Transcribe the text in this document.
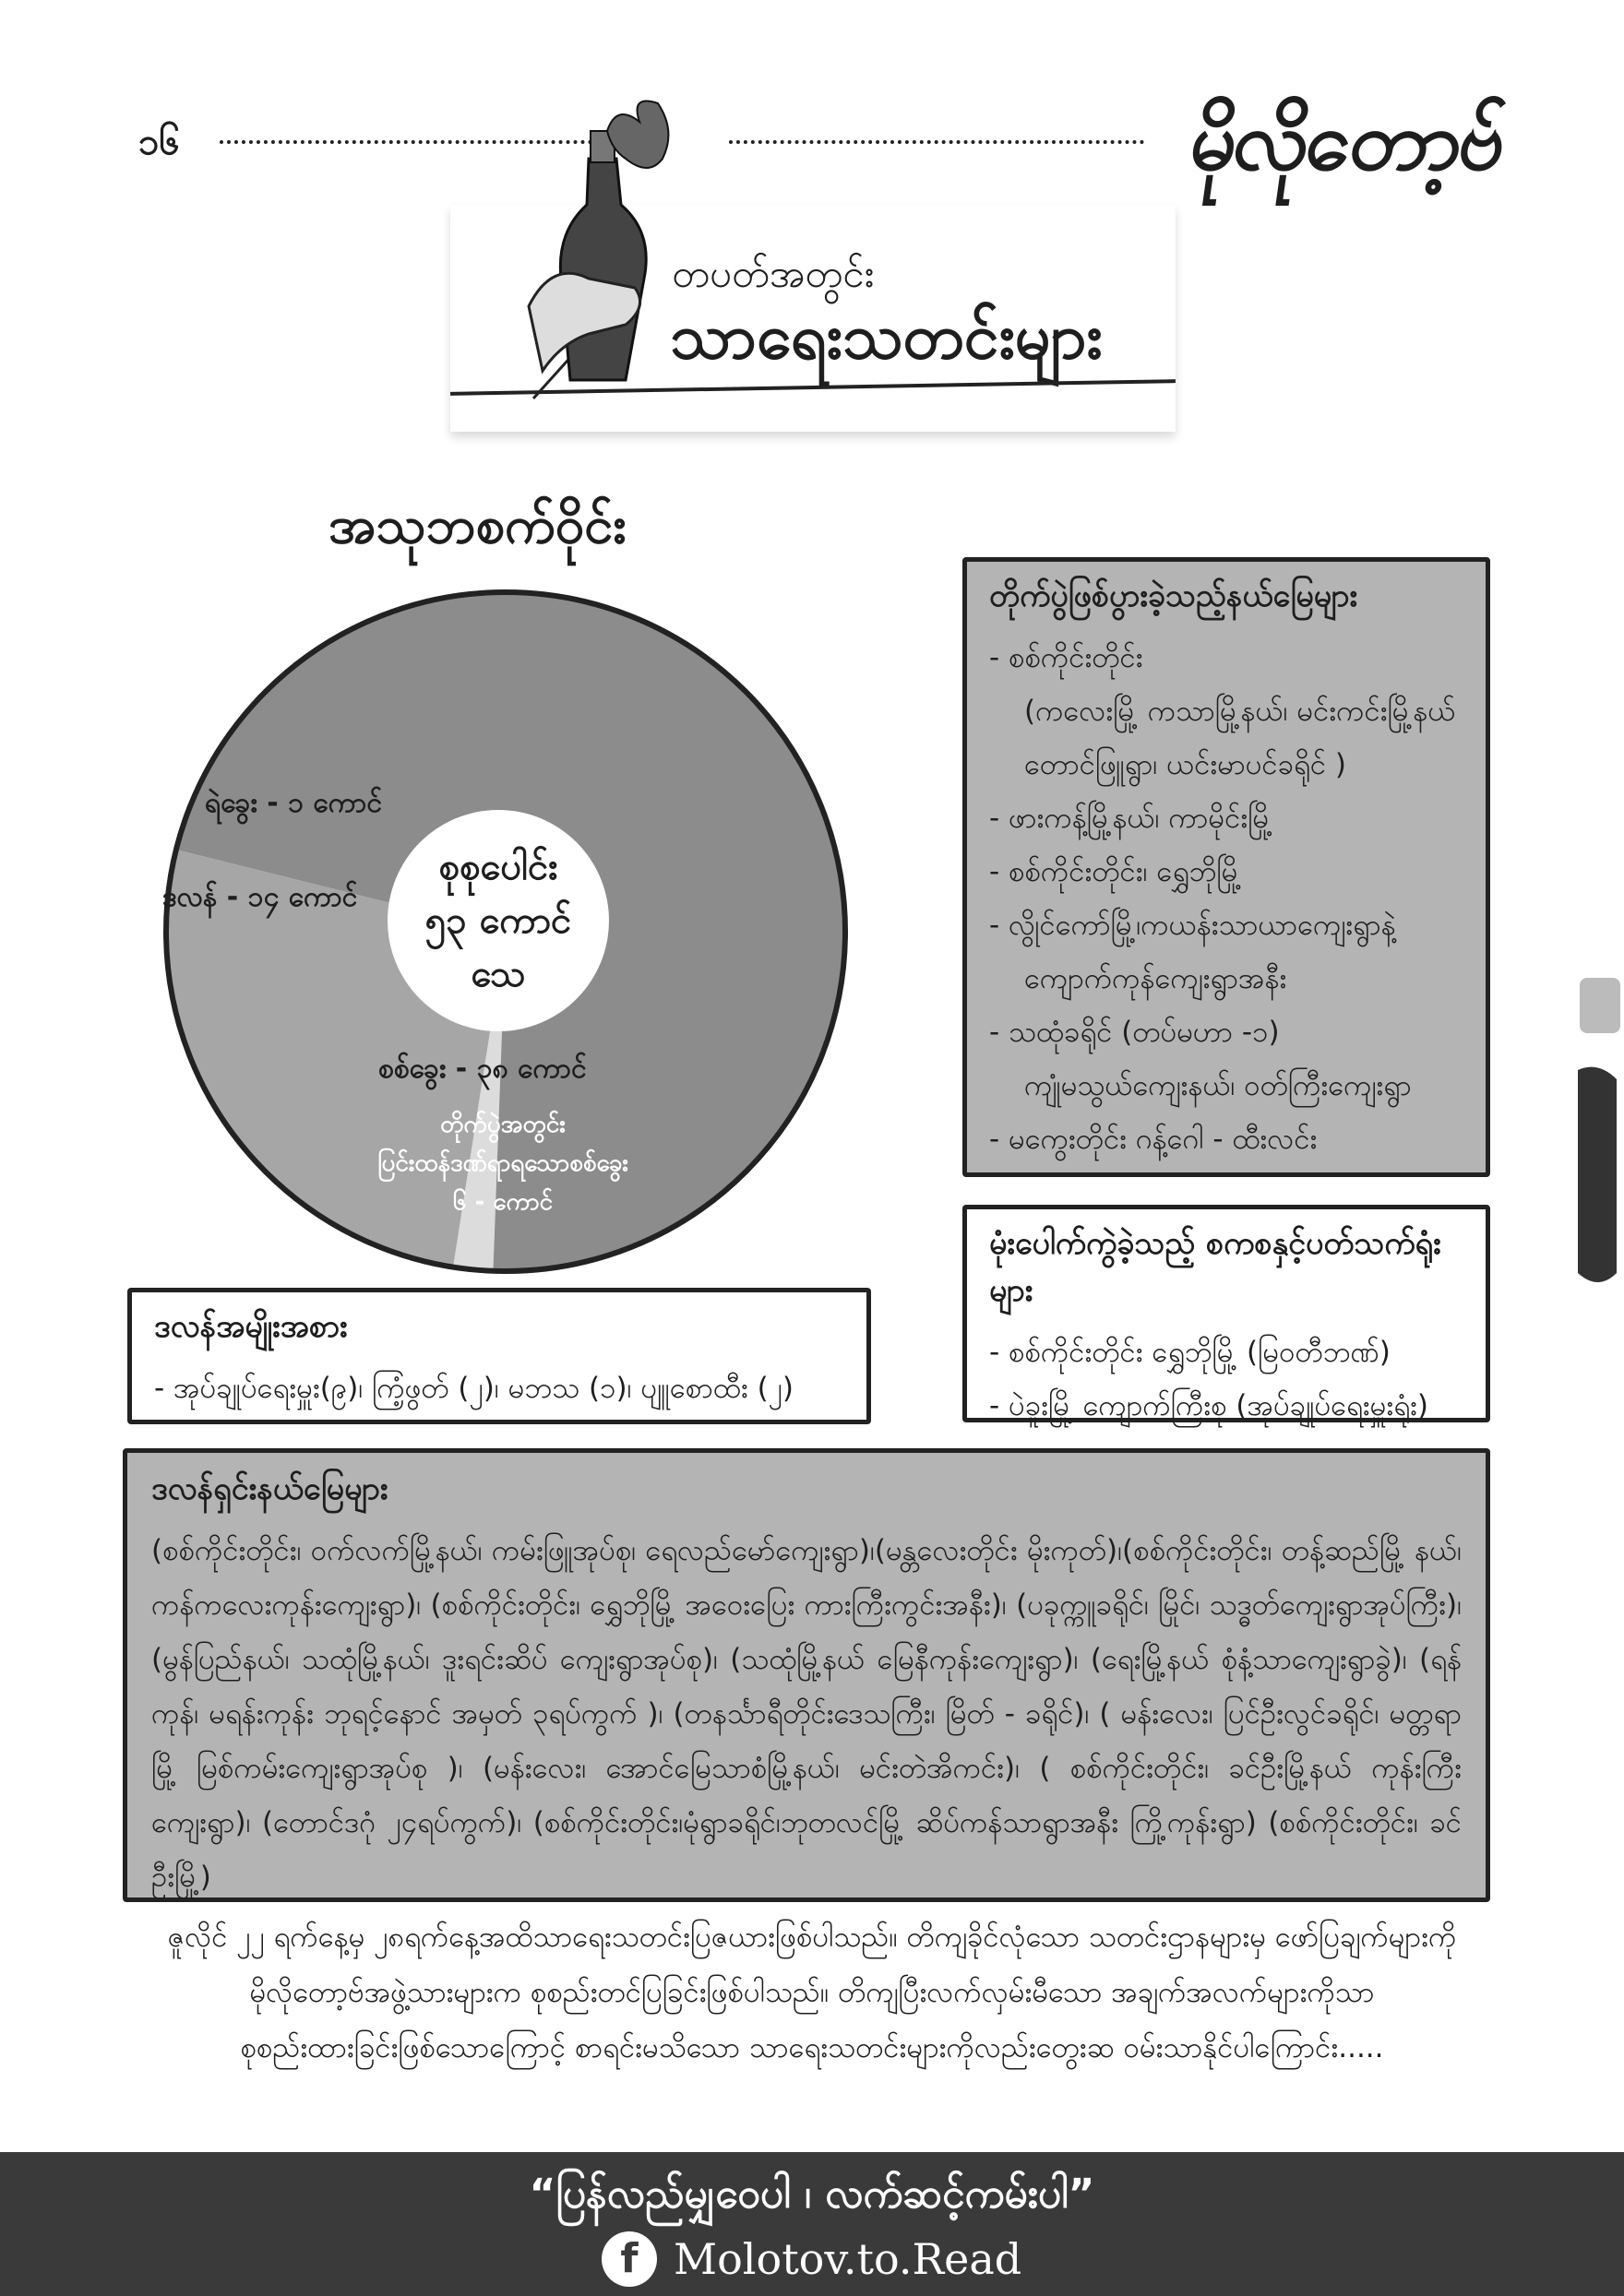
၁၆	မိုလိုတော့ဗ်
တပတ်အတွင်း
သာရေးသတင်းများ
အသုဘစက်ဝိုင်း
ရဲခွေး - ၁ ကောင်
ဒလန် - ၁၄ ကောင်
စစ်ခွေး - ၃၈ ကောင်
တိုက်ပွဲအတွင်း
ပြင်းထန်ဒဏ်ရာရသောစစ်ခွေး
၆ - ကောင်
စုစုပေါင်း
၅၃ ကောင်
သေ
တိုက်ပွဲဖြစ်ပွားခဲ့သည့်နယ်မြေများ
- စစ်ကိုင်းတိုင်း
(ကလေးမြို့ ကသာမြို့နယ်၊ မင်းကင်းမြို့နယ်
တောင်ဖြူရွာ၊ ယင်းမာပင်ခရိုင် )
- ဖားကန့်မြို့နယ်၊ ကာမိုင်းမြို့
- စစ်ကိုင်းတိုင်း၊ ရွှေဘိုမြို့
- လွိုင်ကော်မြို့၊ကယန်းသာယာကျေးရွာနဲ့
ကျောက်ကုန်ကျေးရွာအနီး
- သထုံခရိုင် (တပ်မဟာ -၁)
ကျုံမသွယ်ကျေးနယ်၊ ဝတ်ကြီးကျေးရွာ
- မကွေးတိုင်း ဂန့်ဂေါ - ထီးလင်း
မုံးပေါက်ကွဲခဲ့သည့် စကစနှင့်ပတ်သက်ရုံးများ
- စစ်ကိုင်းတိုင်း ရွှေဘိုမြို့ (မြဝတီဘဏ်)
- ပဲခူးမြို့ ကျောက်ကြီးစု (အုပ်ချုပ်ရေးမှူးရုံး)
ဒလန်အမျိုးအစား
- အုပ်ချုပ်ရေးမှူး(၉)၊ ကြံ့ဖွတ် (၂)၊ မဘသ (၁)၊ ပျူစောထီး (၂)
ဒလန်ရှင်းနယ်မြေများ
(စစ်ကိုင်းတိုင်း၊ ဝက်လက်မြို့နယ်၊ ကမ်းဖြူအုပ်စု၊ ရေလည်မော်ကျေးရွာ)၊(မန္တလေးတိုင်း မိုးကုတ်)၊(စစ်ကိုင်းတိုင်း၊ တန့်ဆည်မြို့ နယ်၊ ကန်ကလေးကုန်းကျေးရွာ)၊ (စစ်ကိုင်းတိုင်း၊ ရွှေဘိုမြို့ အဝေးပြေး ကားကြီးကွင်းအနီး)၊ (ပခုက္ကူခရိုင်၊ မြိုင်၊ သဒ္ဓတ်ကျေးရွာအုပ်ကြီး)၊ (မွန်ပြည်နယ်၊ သထုံမြို့နယ်၊ ဒူးရင်းဆိပ် ကျေးရွာအုပ်စု)၊ (သထုံမြို့နယ် မြေနီကုန်းကျေးရွာ)၊ (ရေးမြို့နယ် စုံနံ့သာကျေးရွာခွဲ)၊ (ရန်ကုန်၊ မရန်းကုန်း ဘုရင့်နောင် အမှတ် ၃ရပ်ကွက် )၊ (တနင်္သာရီတိုင်းဒေသကြီး၊ မြိတ် - ခရိုင်)၊ ( မန်းလေး၊ ပြင်ဦးလွင်ခရိုင်၊ မတ္တရာမြို့ မြစ်ကမ်းကျေးရွာအုပ်စု )၊ (မန်းလေး၊ အောင်မြေသာစံမြို့နယ်၊ မင်းတဲအိကင်း)၊ ( စစ်ကိုင်းတိုင်း၊ ခင်ဦးမြို့နယ် ကုန်းကြီးကျေးရွာ)၊ (တောင်ဒဂုံ ၂၄ရပ်ကွက်)၊ (စစ်ကိုင်းတိုင်း၊မုံရွာခရိုင်၊ဘုတလင်မြို့ ဆိပ်ကန်သာရွာအနီး ကြို့ကုန်းရွာ) (စစ်ကိုင်းတိုင်း၊ ခင်ဦးမြို့)
ဇူလိုင် ၂၂ ရက်နေ့မှ ၂၈ရက်နေ့အထိသာရေးသတင်းပြဇယားဖြစ်ပါသည်။ တိကျခိုင်လုံသော သတင်းဌာနများမှ ဖော်ပြချက်များကို
မိုလိုတော့ဗ်အဖွဲ့သားများက စုစည်းတင်ပြခြင်းဖြစ်ပါသည်။ တိကျပြီးလက်လှမ်းမီသော အချက်အလက်များကိုသာ
စုစည်းထားခြင်းဖြစ်သောကြောင့် စာရင်းမသိသော သာရေးသတင်းများကိုလည်းတွေးဆ ဝမ်းသာနိုင်ပါကြောင်း.....
“ပြန်လည်မျှဝေပါ ၊ လက်ဆင့်ကမ်းပါ”
f Molotov.to.Read
